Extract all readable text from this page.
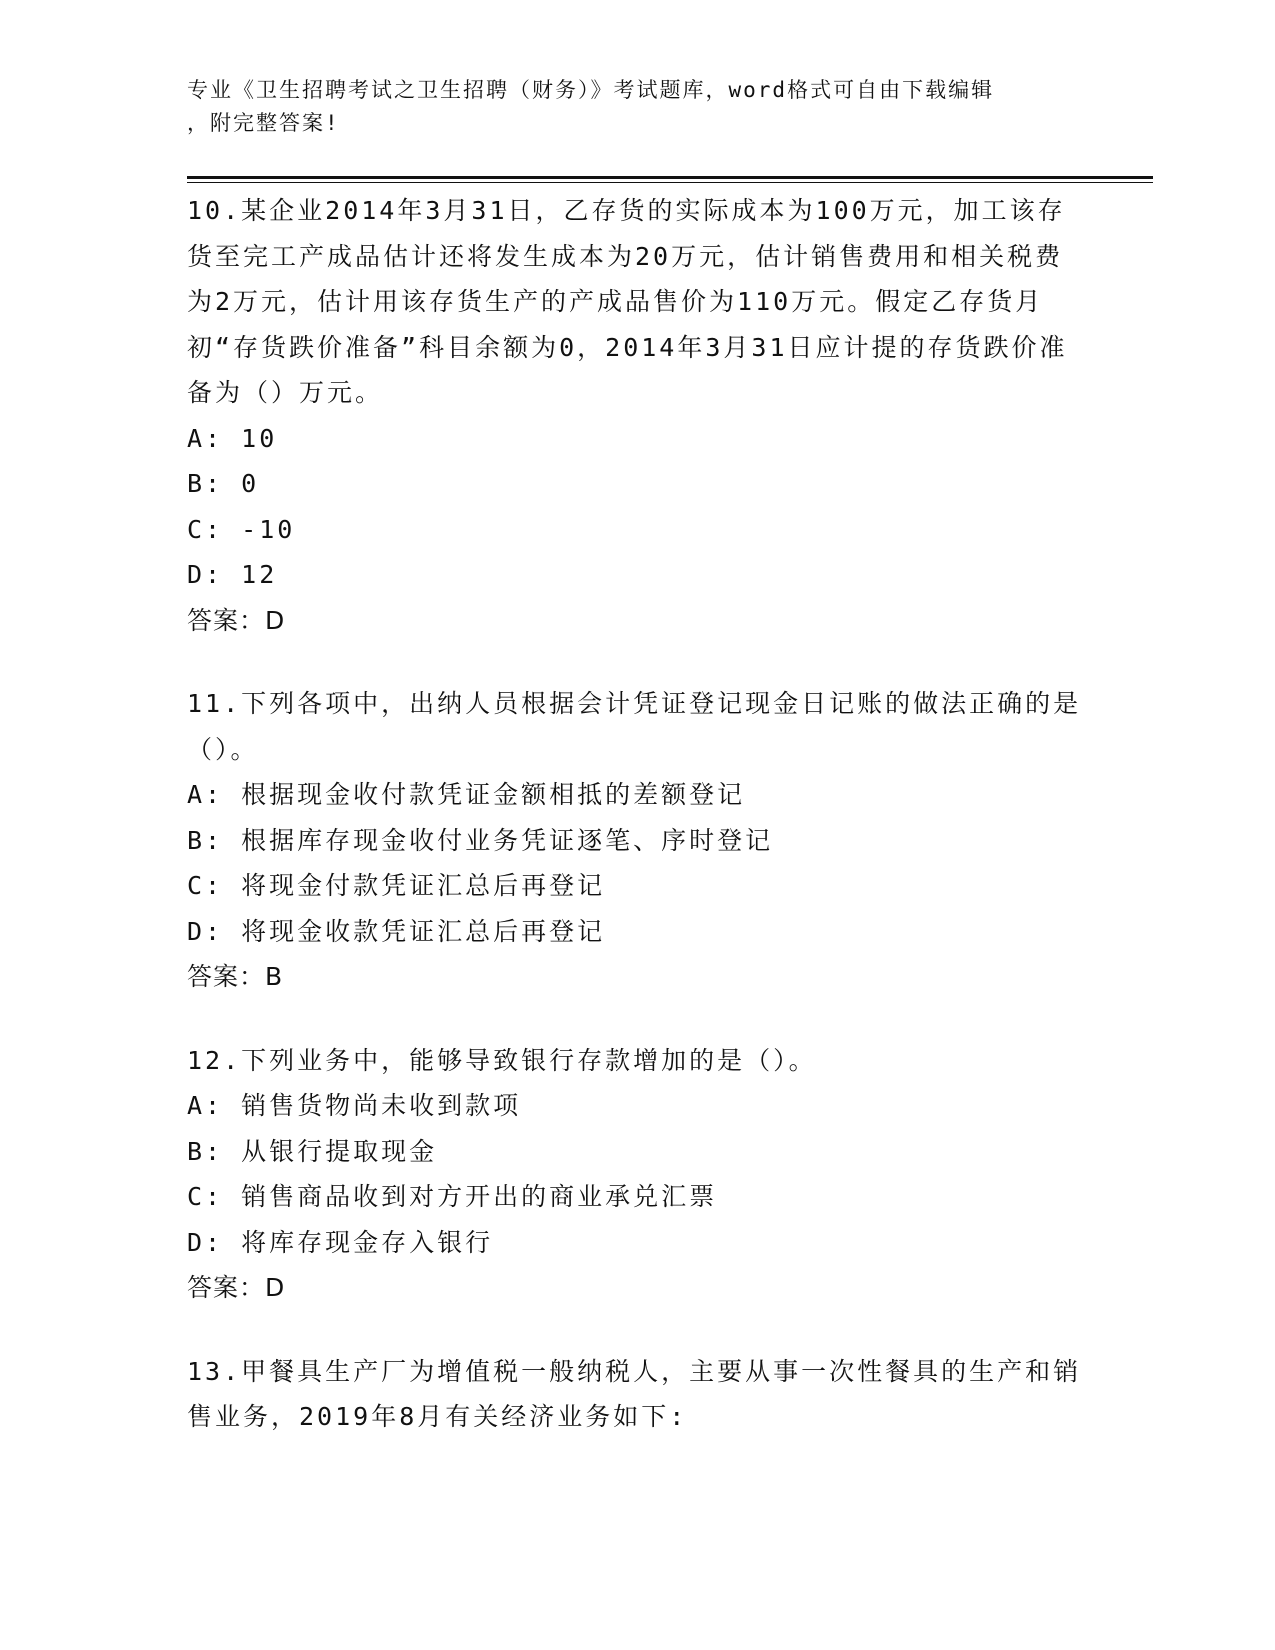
专业《卫生招聘考试之卫生招聘（财务）》考试题库，word格式可自由下载编辑
，附完整答案!
10.某企业2014年3月31日，乙存货的实际成本为100万元，加工该存货至完工产成品估计还将发生成本为20万元，估计销售费用和相关税费为2万元，估计用该存货生产的产成品售价为110万元。假定乙存货月初“存货跌价准备”科目余额为0，2014年3月31日应计提的存货跌价准备为（）万元。
A: 10
B: 0
C: -10
D: 12
答案：D
11.下列各项中，出纳人员根据会计凭证登记现金日记账的做法正确的是（）。
A: 根据现金收付款凭证金额相抵的差额登记
B: 根据库存现金收付业务凭证逐笔、序时登记
C: 将现金付款凭证汇总后再登记
D: 将现金收款凭证汇总后再登记
答案：B
12.下列业务中，能够导致银行存款增加的是（）。
A: 销售货物尚未收到款项
B: 从银行提取现金
C: 销售商品收到对方开出的商业承兑汇票
D: 将库存现金存入银行
答案：D
13.甲餐具生产厂为增值税一般纳税人，主要从事一次性餐具的生产和销售业务，2019年8月有关经济业务如下:
